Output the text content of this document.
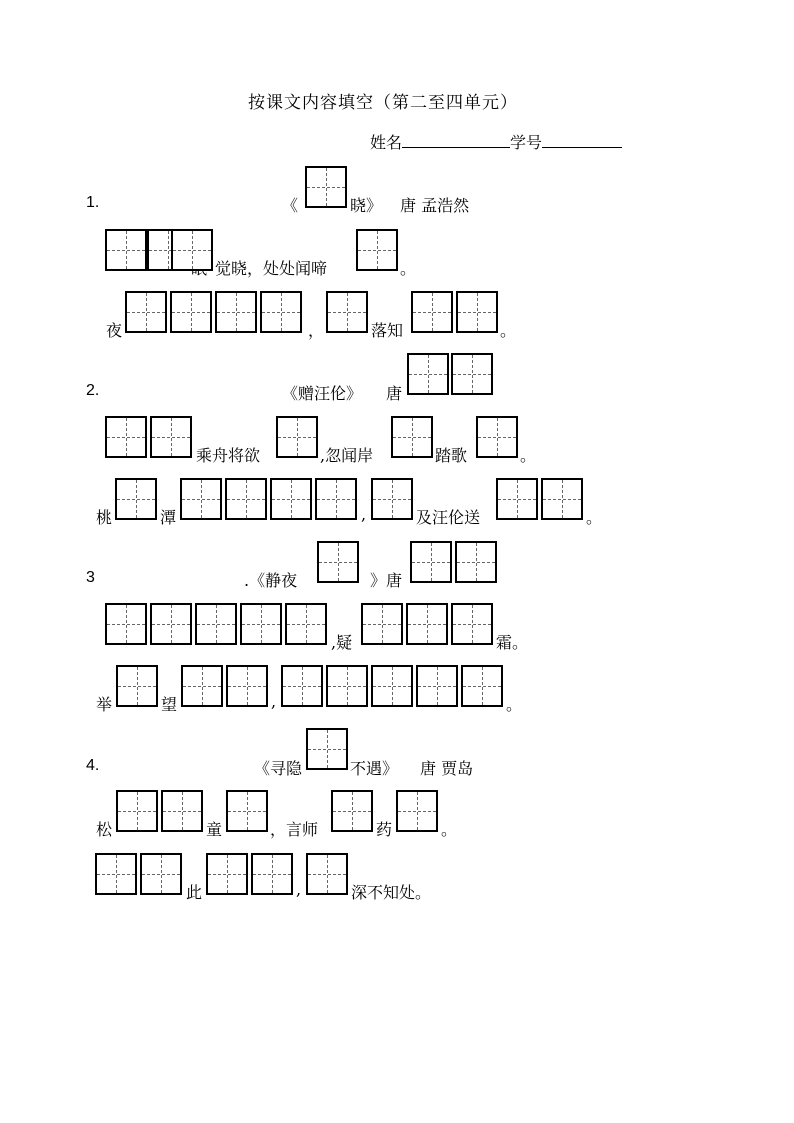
按课文内容填空（第二至四单元）
姓名	学号
1.	《	晓》 唐 孟浩然
觉晓，处处闻啼	。
夜	，	落知	。
2.	《赠汪伦》 唐
乘舟将欲	,忽闻岸	踏歌	。
桃	潭	,	及汪伦送	。
3	.《静夜	》唐
,疑	霜。
举	望	,	。
4.	《寻隐	不遇》 唐 贾岛
松	童	，言师	药	。
此	,	深不知处。
